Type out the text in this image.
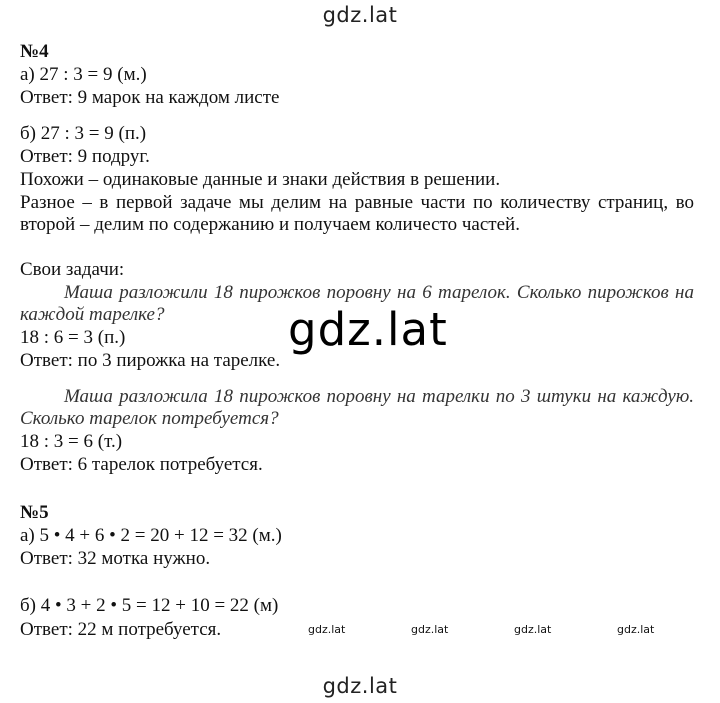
gdz.lat
№4
а) 27 : 3 = 9 (м.)
Ответ: 9 марок на каждом листе
б) 27 : 3 = 9 (п.)
Ответ: 9 подруг.
Похожи – одинаковые данные и знаки действия в решении.
Разное – в первой задаче мы делим на равные части по количеству страниц, во второй – делим по содержанию и получаем количесто частей.
Свои задачи:
Маша разложили 18 пирожков поровну на 6 тарелок. Сколько пирожков на каждой тарелке?
18 : 6 = 3 (п.)
Ответ: по 3 пирожка на тарелке.
Маша разложила 18 пирожков поровну на тарелки по 3 штуки на каждую. Сколько тарелок потребуется?
18 : 3 = 6 (т.)
Ответ: 6 тарелок потребуется.
№5
а) 5 • 4 + 6 • 2 = 20 + 12 = 32 (м.)
Ответ: 32 мотка нужно.
б) 4 • 3 + 2 • 5 = 12 + 10 = 22 (м)
Ответ: 22 м потребуется.	gdz.lat	gdz.lat	gdz.lat	gdz.lat
gdz.lat
gdz.lat
